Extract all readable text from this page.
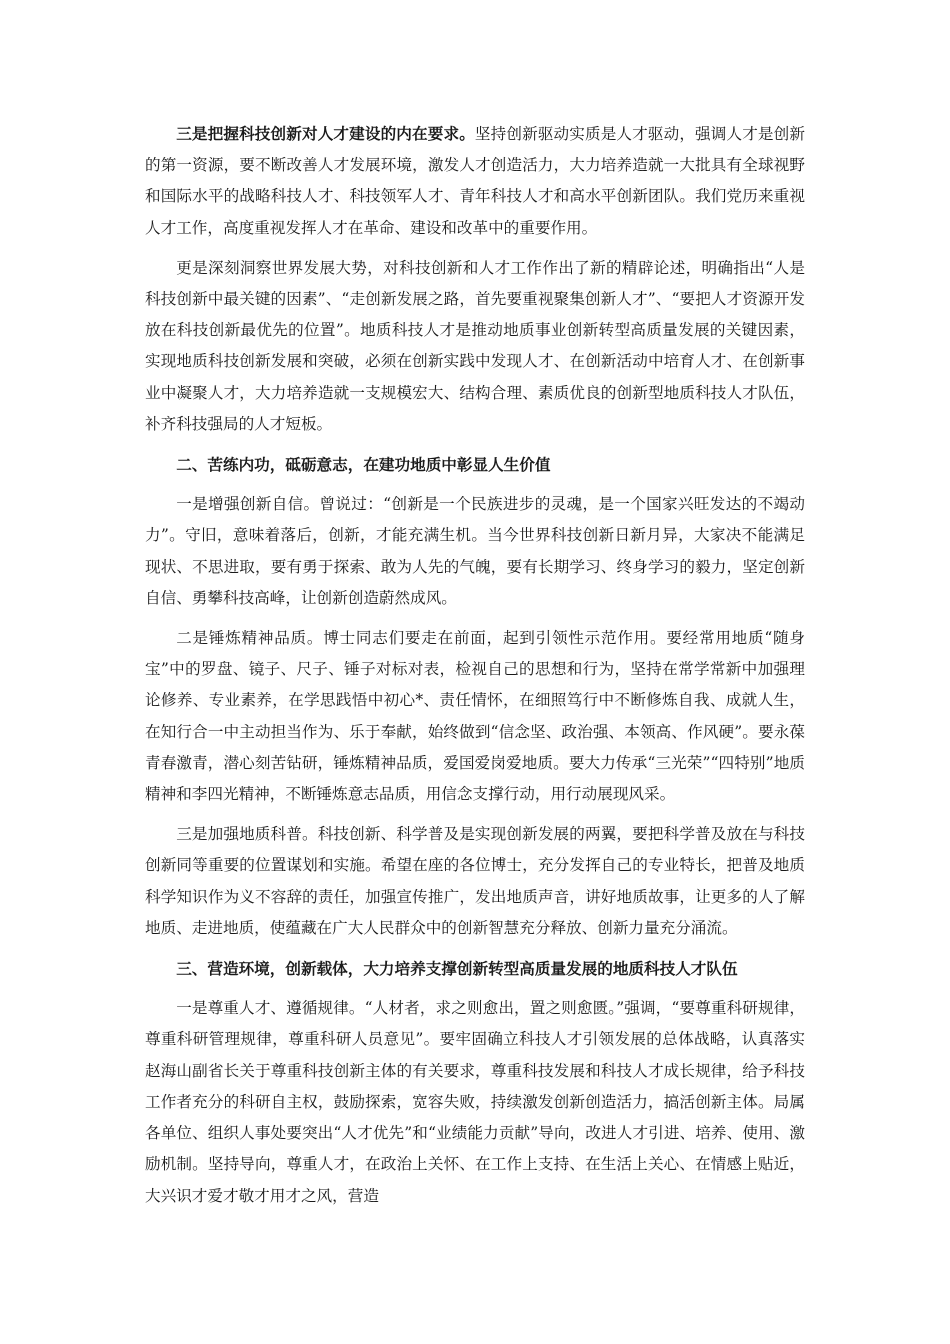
三是把握科技创新对人才建设的内在要求。坚持创新驱动实质是人才驱动，强调人才是创新的第一资源，要不断改善人才发展环境，激发人才创造活力，大力培养造就一大批具有全球视野和国际水平的战略科技人才、科技领军人才、青年科技人才和高水平创新团队。我们党历来重视人才工作，高度重视发挥人才在革命、建设和改革中的重要作用。

更是深刻洞察世界发展大势，对科技创新和人才工作作出了新的精辟论述，明确指出“人是科技创新中最关键的因素”、“走创新发展之路，首先要重视聚集创新人才”、“要把人才资源开发放在科技创新最优先的位置”。地质科技人才是推动地质事业创新转型高质量发展的关键因素，实现地质科技创新发展和突破，必须在创新实践中发现人才、在创新活动中培育人才、在创新事业中凝聚人才，大力培养造就一支规模宏大、结构合理、素质优良的创新型地质科技人才队伍，补齐科技强局的人才短板。

二、苦练内功，砥砺意志，在建功地质中彰显人生价值

一是增强创新自信。曾说过：“创新是一个民族进步的灵魂，是一个国家兴旺发达的不竭动力”。守旧，意味着落后，创新，才能充满生机。当今世界科技创新日新月异，大家决不能满足现状、不思进取，要有勇于探索、敢为人先的气魄，要有长期学习、终身学习的毅力，坚定创新自信、勇攀科技高峰，让创新创造蔚然成风。

二是锤炼精神品质。博士同志们要走在前面，起到引领性示范作用。要经常用地质“随身宝”中的罗盘、镜子、尺子、锤子对标对表，检视自己的思想和行为，坚持在常学常新中加强理论修养、专业素养，在学思践悟中初心*、责任情怀，在细照笃行中不断修炼自我、成就人生，在知行合一中主动担当作为、乐于奉献，始终做到“信念坚、政治强、本领高、作风硬”。要永葆青春激青，潜心刻苦钻研，锤炼精神品质，爱国爱岗爱地质。要大力传承“三光荣”“四特别”地质精神和李四光精神，不断锤炼意志品质，用信念支撑行动，用行动展现风采。

三是加强地质科普。科技创新、科学普及是实现创新发展的两翼，要把科学普及放在与科技创新同等重要的位置谋划和实施。希望在座的各位博士，充分发挥自己的专业特长，把普及地质科学知识作为义不容辞的责任，加强宣传推广，发出地质声音，讲好地质故事，让更多的人了解地质、走进地质，使蕴藏在广大人民群众中的创新智慧充分释放、创新力量充分涌流。

三、营造环境，创新载体，大力培养支撑创新转型高质量发展的地质科技人才队伍

一是尊重人才、遵循规律。“人材者，求之则愈出，置之则愈匮。”强调，“要尊重科研规律，尊重科研管理规律，尊重科研人员意见”。要牢固确立科技人才引领发展的总体战略，认真落实赵海山副省长关于尊重科技创新主体的有关要求，尊重科技发展和科技人才成长规律，给予科技工作者充分的科研自主权，鼓励探索，宽容失败，持续激发创新创造活力，搞活创新主体。局属各单位、组织人事处要突出“人才优先”和“业绩能力贡献”导向，改进人才引进、培养、使用、激励机制。坚持导向，尊重人才，在政治上关怀、在工作上支持、在生活上关心、在情感上贴近，大兴识才爱才敬才用才之风，营造
